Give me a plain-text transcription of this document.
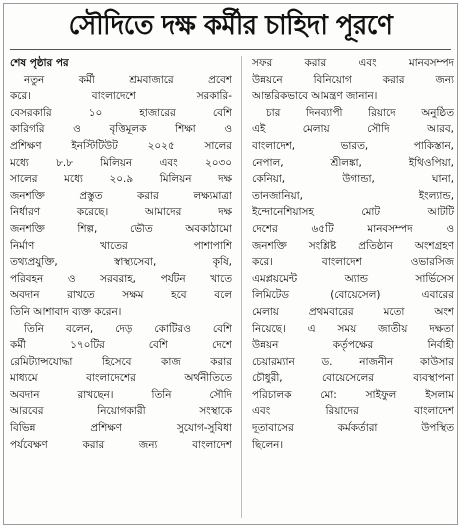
সৌদিতে দক্ষ কর্মীর চাহিদা পূরণে
শেষ পৃষ্ঠার পর
নতুন কর্মী শ্রমবাজারে প্রবেশ
করে। বাংলাদেশে সরকারি-
বেসরকারি ১০ হাজারের বেশি
কারিগরি ও বৃত্তিমূলক শিক্ষা ও
প্রশিক্ষণ ইনস্টিটিউট ২০২৫ সালের
মধ্যে ৮.৮ মিলিয়ন এবং ২০৩০
সালের মধ্যে ২০.৯ মিলিয়ন দক্ষ
জনশক্তি প্রস্তুত করার লক্ষ্যমাত্রা
নির্ধারণ করেছে। আমাদের দক্ষ
জনশক্তি শিল্প, ভৌত অবকাঠামো
নির্মাণ খাতের পাশাপাশি
তথ্যপ্রযুক্তি, স্বাস্থ্যসেবা, কৃষি,
পরিবহন ও সরবরাহ, পর্যটন খাতে
অবদান রাখতে সক্ষম হবে বলে
তিনি আশাবাদ ব্যক্ত করেন।
তিনি বলেন, দেড় কোটিরও বেশি
কর্মী ১৭০টির বেশি দেশে
রেমিট্যান্সযোদ্ধা হিসেবে কাজ করার
মাধ্যমে বাংলাদেশের অর্থনীতিতে
অবদান রাখছেন। তিনি সৌদি
আরবের নিয়োগকারী সংস্থাকে
বিভিন্ন প্রশিক্ষণ সুযোগ-সুবিধা
পর্যবেক্ষণ করার জন্য বাংলাদেশ
সফর করার এবং মানবসম্পদ
উন্নয়নে বিনিয়োগ করার জন্য
আন্তরিকভাবে আমন্ত্রণ জানান।
চার দিনব্যাপী রিয়াদে অনুষ্ঠিত
এই মেলায় সৌদি আরব,
বাংলাদেশ, ভারত, পাকিস্তান,
নেপাল, শ্রীলঙ্কা, ইথিওপিয়া,
কেনিয়া, উগান্ডা, ঘানা,
তানজানিয়া, ইংল্যান্ড,
ইন্দোনেশিয়াসহ মোট আটটি
দেশের ৬৫টি মানবসম্পদ ও
জনশক্তি সংশ্লিষ্ট প্রতিষ্ঠান অংশগ্রহণ
করে। বাংলাদেশ ওভারসিজ
এমপ্লয়মেন্ট অ্যান্ড সার্ভিসেস
লিমিটেড (বোয়েসেল) এবারের
মেলায় প্রথমবারের মতো অংশ
নিয়েছে। এ সময় জাতীয় দক্ষতা
উন্নয়ন কর্তৃপক্ষের নির্বাহী
চেয়ারম্যান ড. নাজনীন কাউসার
চৌধুরী, বোয়েসেলের ব্যবস্থাপনা
পরিচালক মো: সাইফুল ইসলাম
এবং রিয়াদের বাংলাদেশ
দূতাবাসের কর্মকর্তারা উপস্থিত
ছিলেন।
